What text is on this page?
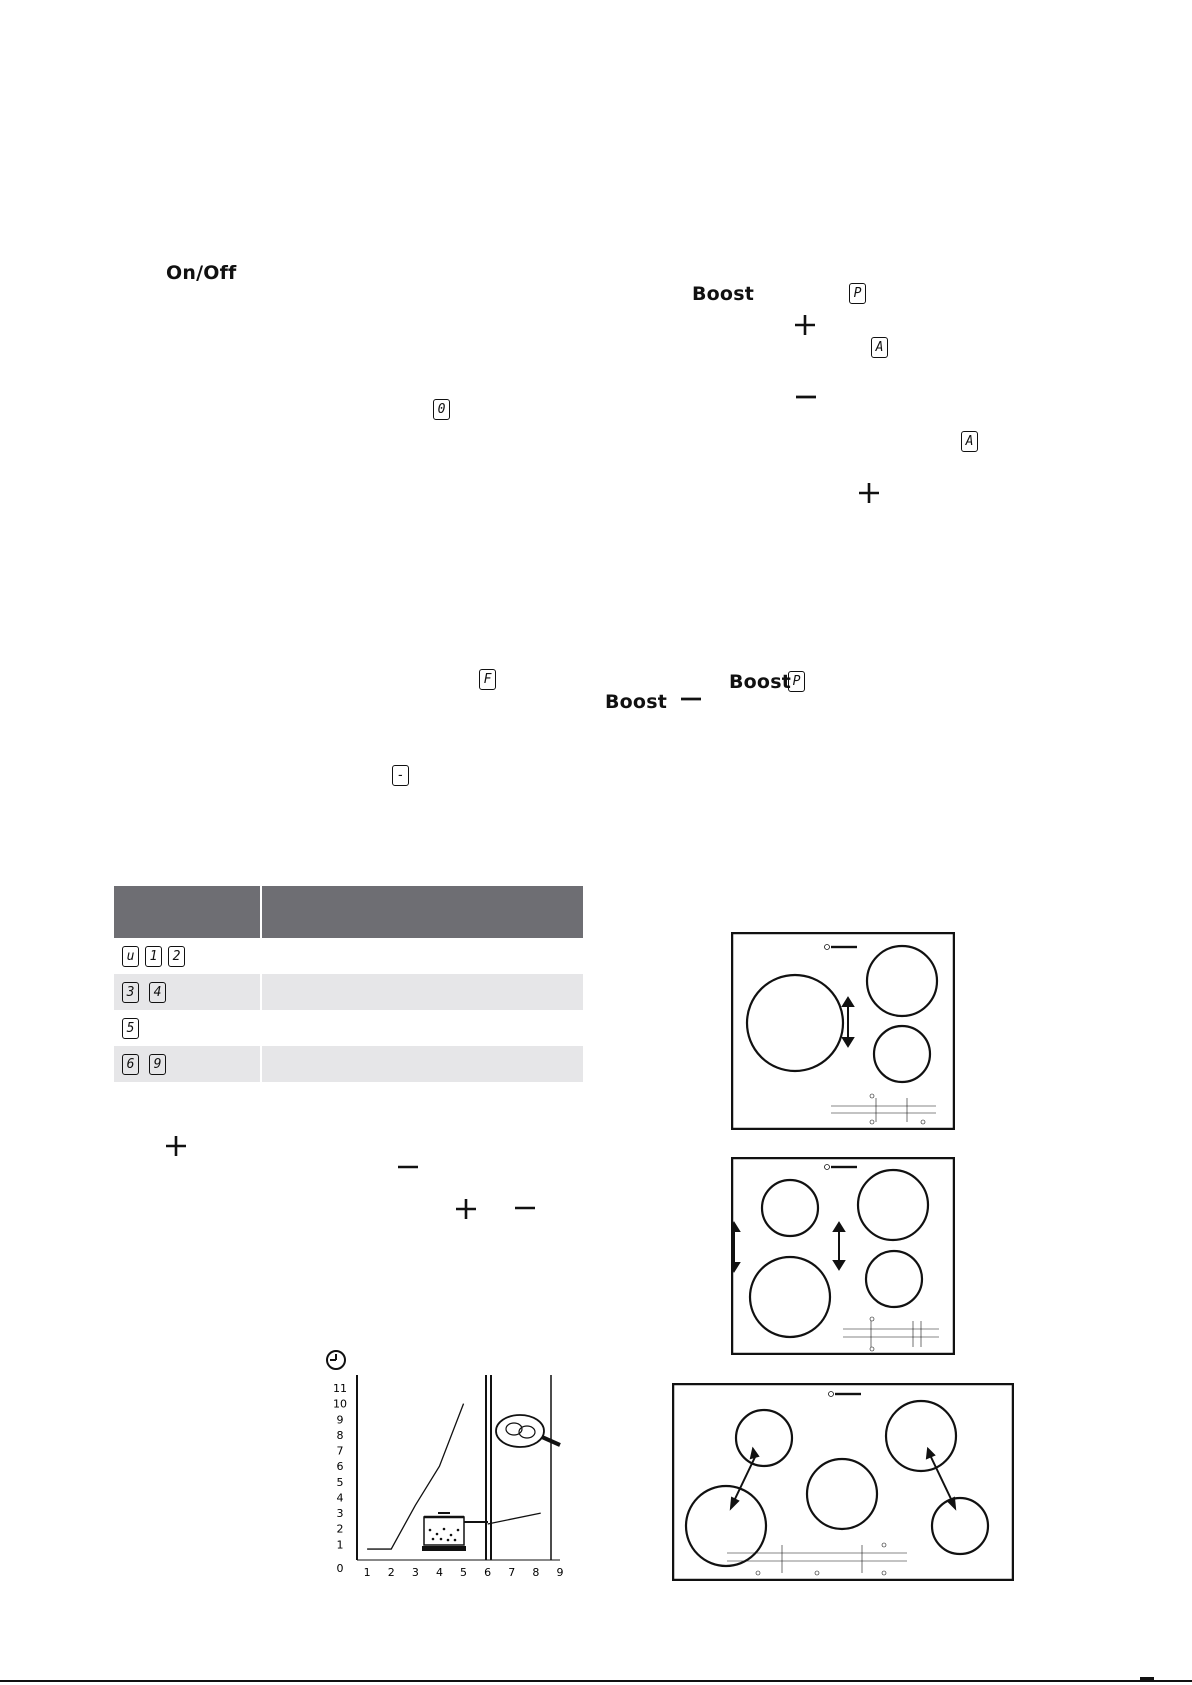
On/Off
0
F
-
Boost	P
A
A
Boost P
Boost
u 1 2
3 4
5
6 9
1
2
3
4
5
6
7
8
9
10
11
0 1 2 3 4 5 6 7 8 9
